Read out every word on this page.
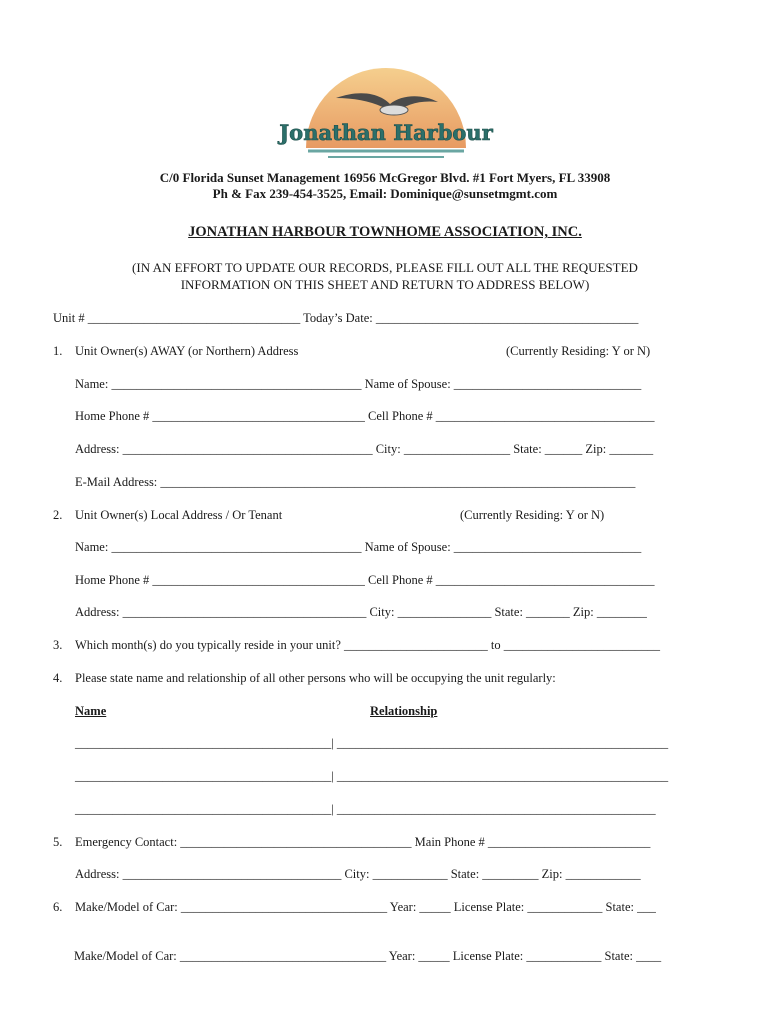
Jonathan Harbour
C/0 Florida Sunset Management 16956 McGregor Blvd. #1 Fort Myers, FL 33908
Ph & Fax 239-454-3525, Email: Dominique@sunsetmgmt.com
JONATHAN HARBOUR TOWNHOME ASSOCIATION, INC.
(IN AN EFFORT TO UPDATE OUR RECORDS, PLEASE FILL OUT ALL THE REQUESTED
INFORMATION ON THIS SHEET AND RETURN TO ADDRESS BELOW)
Unit # __________________________________ Today’s Date: __________________________________________
1. Unit Owner(s) AWAY (or Northern) Address	(Currently Residing: Y or N)
Name: ________________________________________ Name of Spouse: ______________________________
Home Phone # __________________________________ Cell Phone # ___________________________________
Address: ________________________________________ City: _________________ State: ______ Zip: _______
E-Mail Address: ____________________________________________________________________________
2. Unit Owner(s) Local Address / Or Tenant	(Currently Residing: Y or N)
Name: ________________________________________ Name of Spouse: ______________________________
Home Phone # __________________________________ Cell Phone # ___________________________________
Address: _______________________________________ City: _______________ State: _______ Zip: ________
3. Which month(s) do you typically reside in your unit? _______________________ to _________________________
4. Please state name and relationship of all other persons who will be occupying the unit regularly:
Name	Relationship
_________________________________________| _____________________________________________________
_________________________________________| _____________________________________________________
_________________________________________| ___________________________________________________
5. Emergency Contact: _____________________________________ Main Phone # __________________________
Address: ___________________________________ City: ____________ State: _________ Zip: ____________
6. Make/Model of Car: _________________________________ Year: _____ License Plate: ____________ State: ___
Make/Model of Car: _________________________________ Year: _____ License Plate: ____________ State: ____
